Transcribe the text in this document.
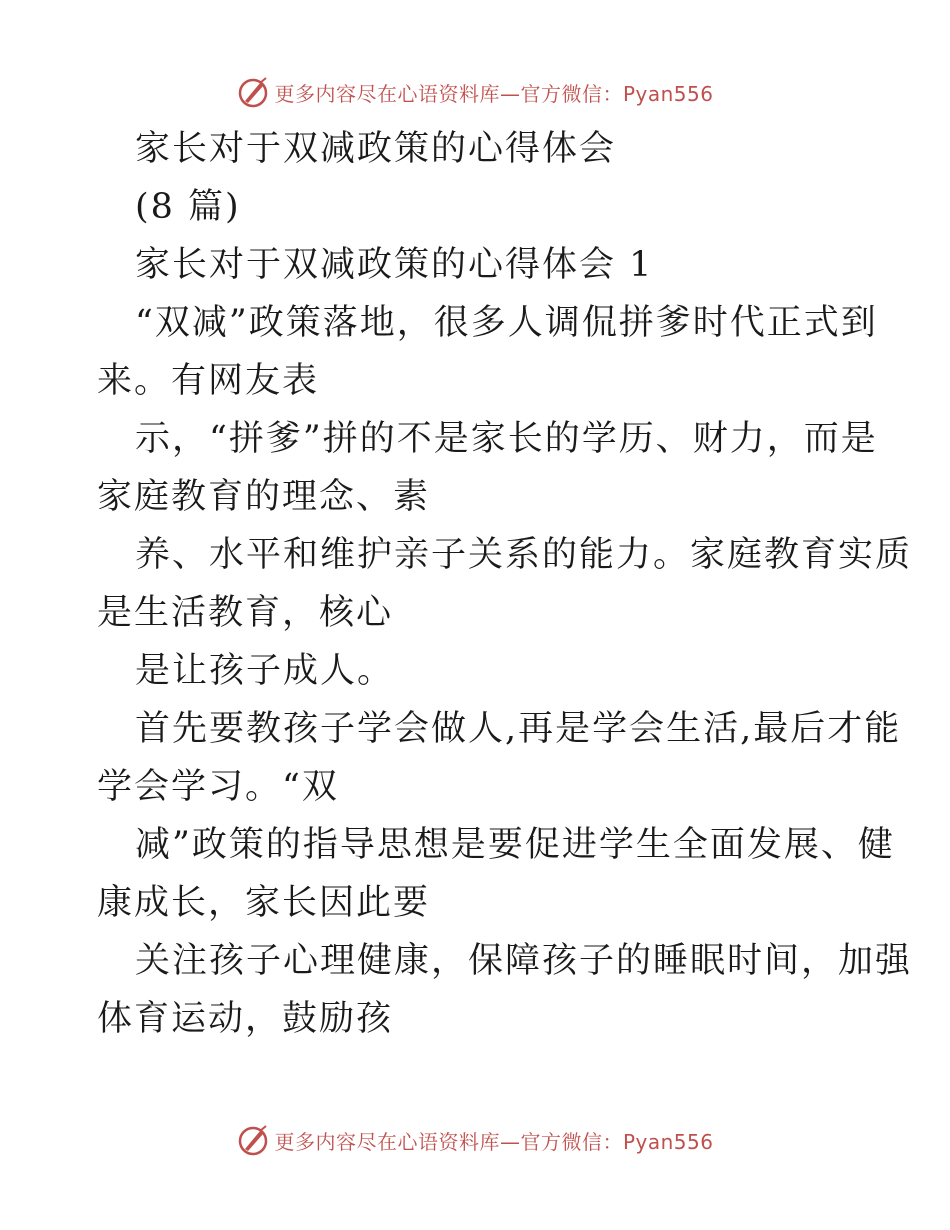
更多内容尽在心语资料库—官方微信：Pyan556
家长对于双减政策的心得体会
(8 篇)
家长对于双减政策的心得体会 1
“双减”政策落地，很多人调侃拼爹时代正式到
来。有网友表
示，“拼爹”拼的不是家长的学历、财力，而是
家庭教育的理念、素
养、水平和维护亲子关系的能力。家庭教育实质
是生活教育，核心
是让孩子成人。
首先要教孩子学会做人,再是学会生活,最后才能
学会学习。“双
减”政策的指导思想是要促进学生全面发展、健
康成长，家长因此要
关注孩子心理健康，保障孩子的睡眠时间，加强
体育运动，鼓励孩
更多内容尽在心语资料库—官方微信：Pyan556
